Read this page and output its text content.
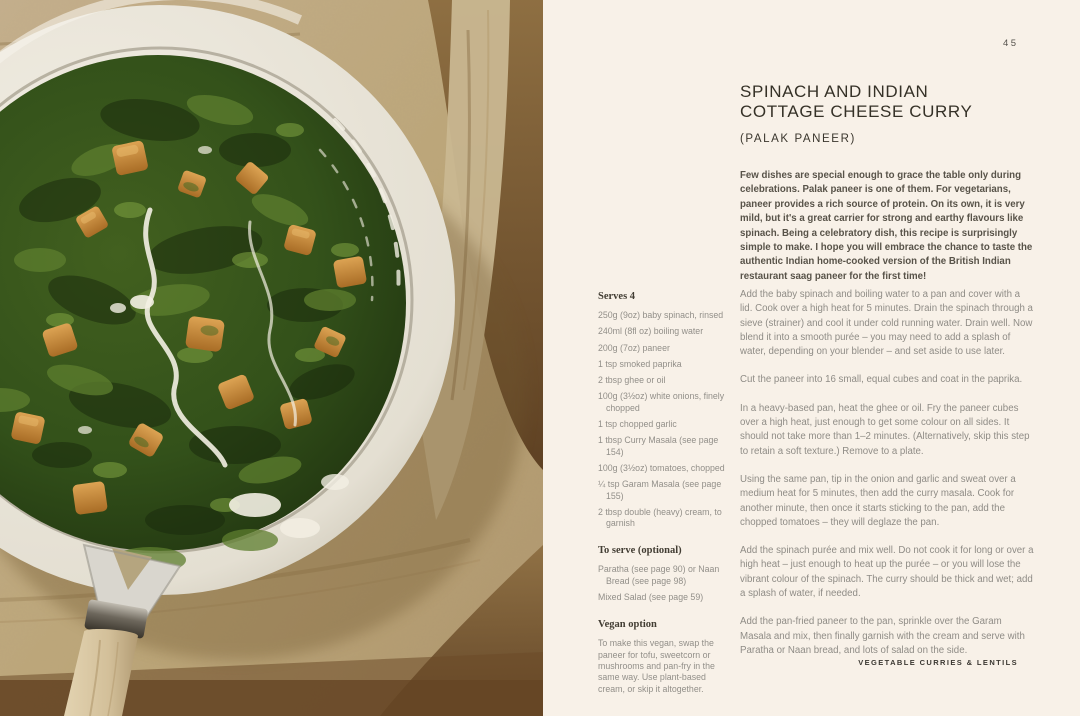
45
SPINACH AND INDIAN
COTTAGE CHEESE CURRY
(PALAK PANEER)
Few dishes are special enough to grace the table only during celebrations. Palak paneer is one of them. For vegetarians, paneer provides a rich source of protein. On its own, it is very mild, but it's a great carrier for strong and earthy flavours like spinach. Being a celebratory dish, this recipe is surprisingly simple to make. I hope you will embrace the chance to taste the authentic Indian home-cooked version of the British Indian restaurant saag paneer for the first time!

Serves 4

250g (9oz) baby spinach, rinsed
240ml (8fl oz) boiling water
200g (7oz) paneer
1 tsp smoked paprika
2 tbsp ghee or oil
100g (3½oz) white onions, finely chopped
1 tsp chopped garlic
1 tbsp Curry Masala (see page 154)
100g (3½oz) tomatoes, chopped
¼ tsp Garam Masala (see page 155)
2 tbsp double (heavy) cream, to garnish

To serve (optional)

Paratha (see page 90) or Naan Bread (see page 98)
Mixed Salad (see page 59)

Vegan option

To make this vegan, swap the paneer for tofu, sweetcorn or mushrooms and pan-fry in the same way. Use plant-based cream, or skip it altogether.

Add the baby spinach and boiling water to a pan and cover with a lid. Cook over a high heat for 5 minutes. Drain the spinach through a sieve (strainer) and cool it under cold running water. Drain well. Now blend it into a smooth purée – you may need to add a splash of water, depending on your blender – and set aside to use later.

Cut the paneer into 16 small, equal cubes and coat in the paprika.

In a heavy-based pan, heat the ghee or oil. Fry the paneer cubes over a high heat, just enough to get some colour on all sides. It should not take more than 1–2 minutes. (Alternatively, skip this step to retain a soft texture.) Remove to a plate.

Using the same pan, tip in the onion and garlic and sweat over a medium heat for 5 minutes, then add the curry masala. Cook for another minute, then once it starts sticking to the pan, add the chopped tomatoes – they will deglaze the pan.

Add the spinach purée and mix well. Do not cook it for long or over a high heat – just enough to heat up the purée – or you will lose the vibrant colour of the spinach. The curry should be thick and wet; add a splash of water, if needed.

Add the pan-fried paneer to the pan, sprinkle over the Garam Masala and mix, then finally garnish with the cream and serve with Paratha or Naan bread, and lots of salad on the side.

VEGETABLE CURRIES & LENTILS
